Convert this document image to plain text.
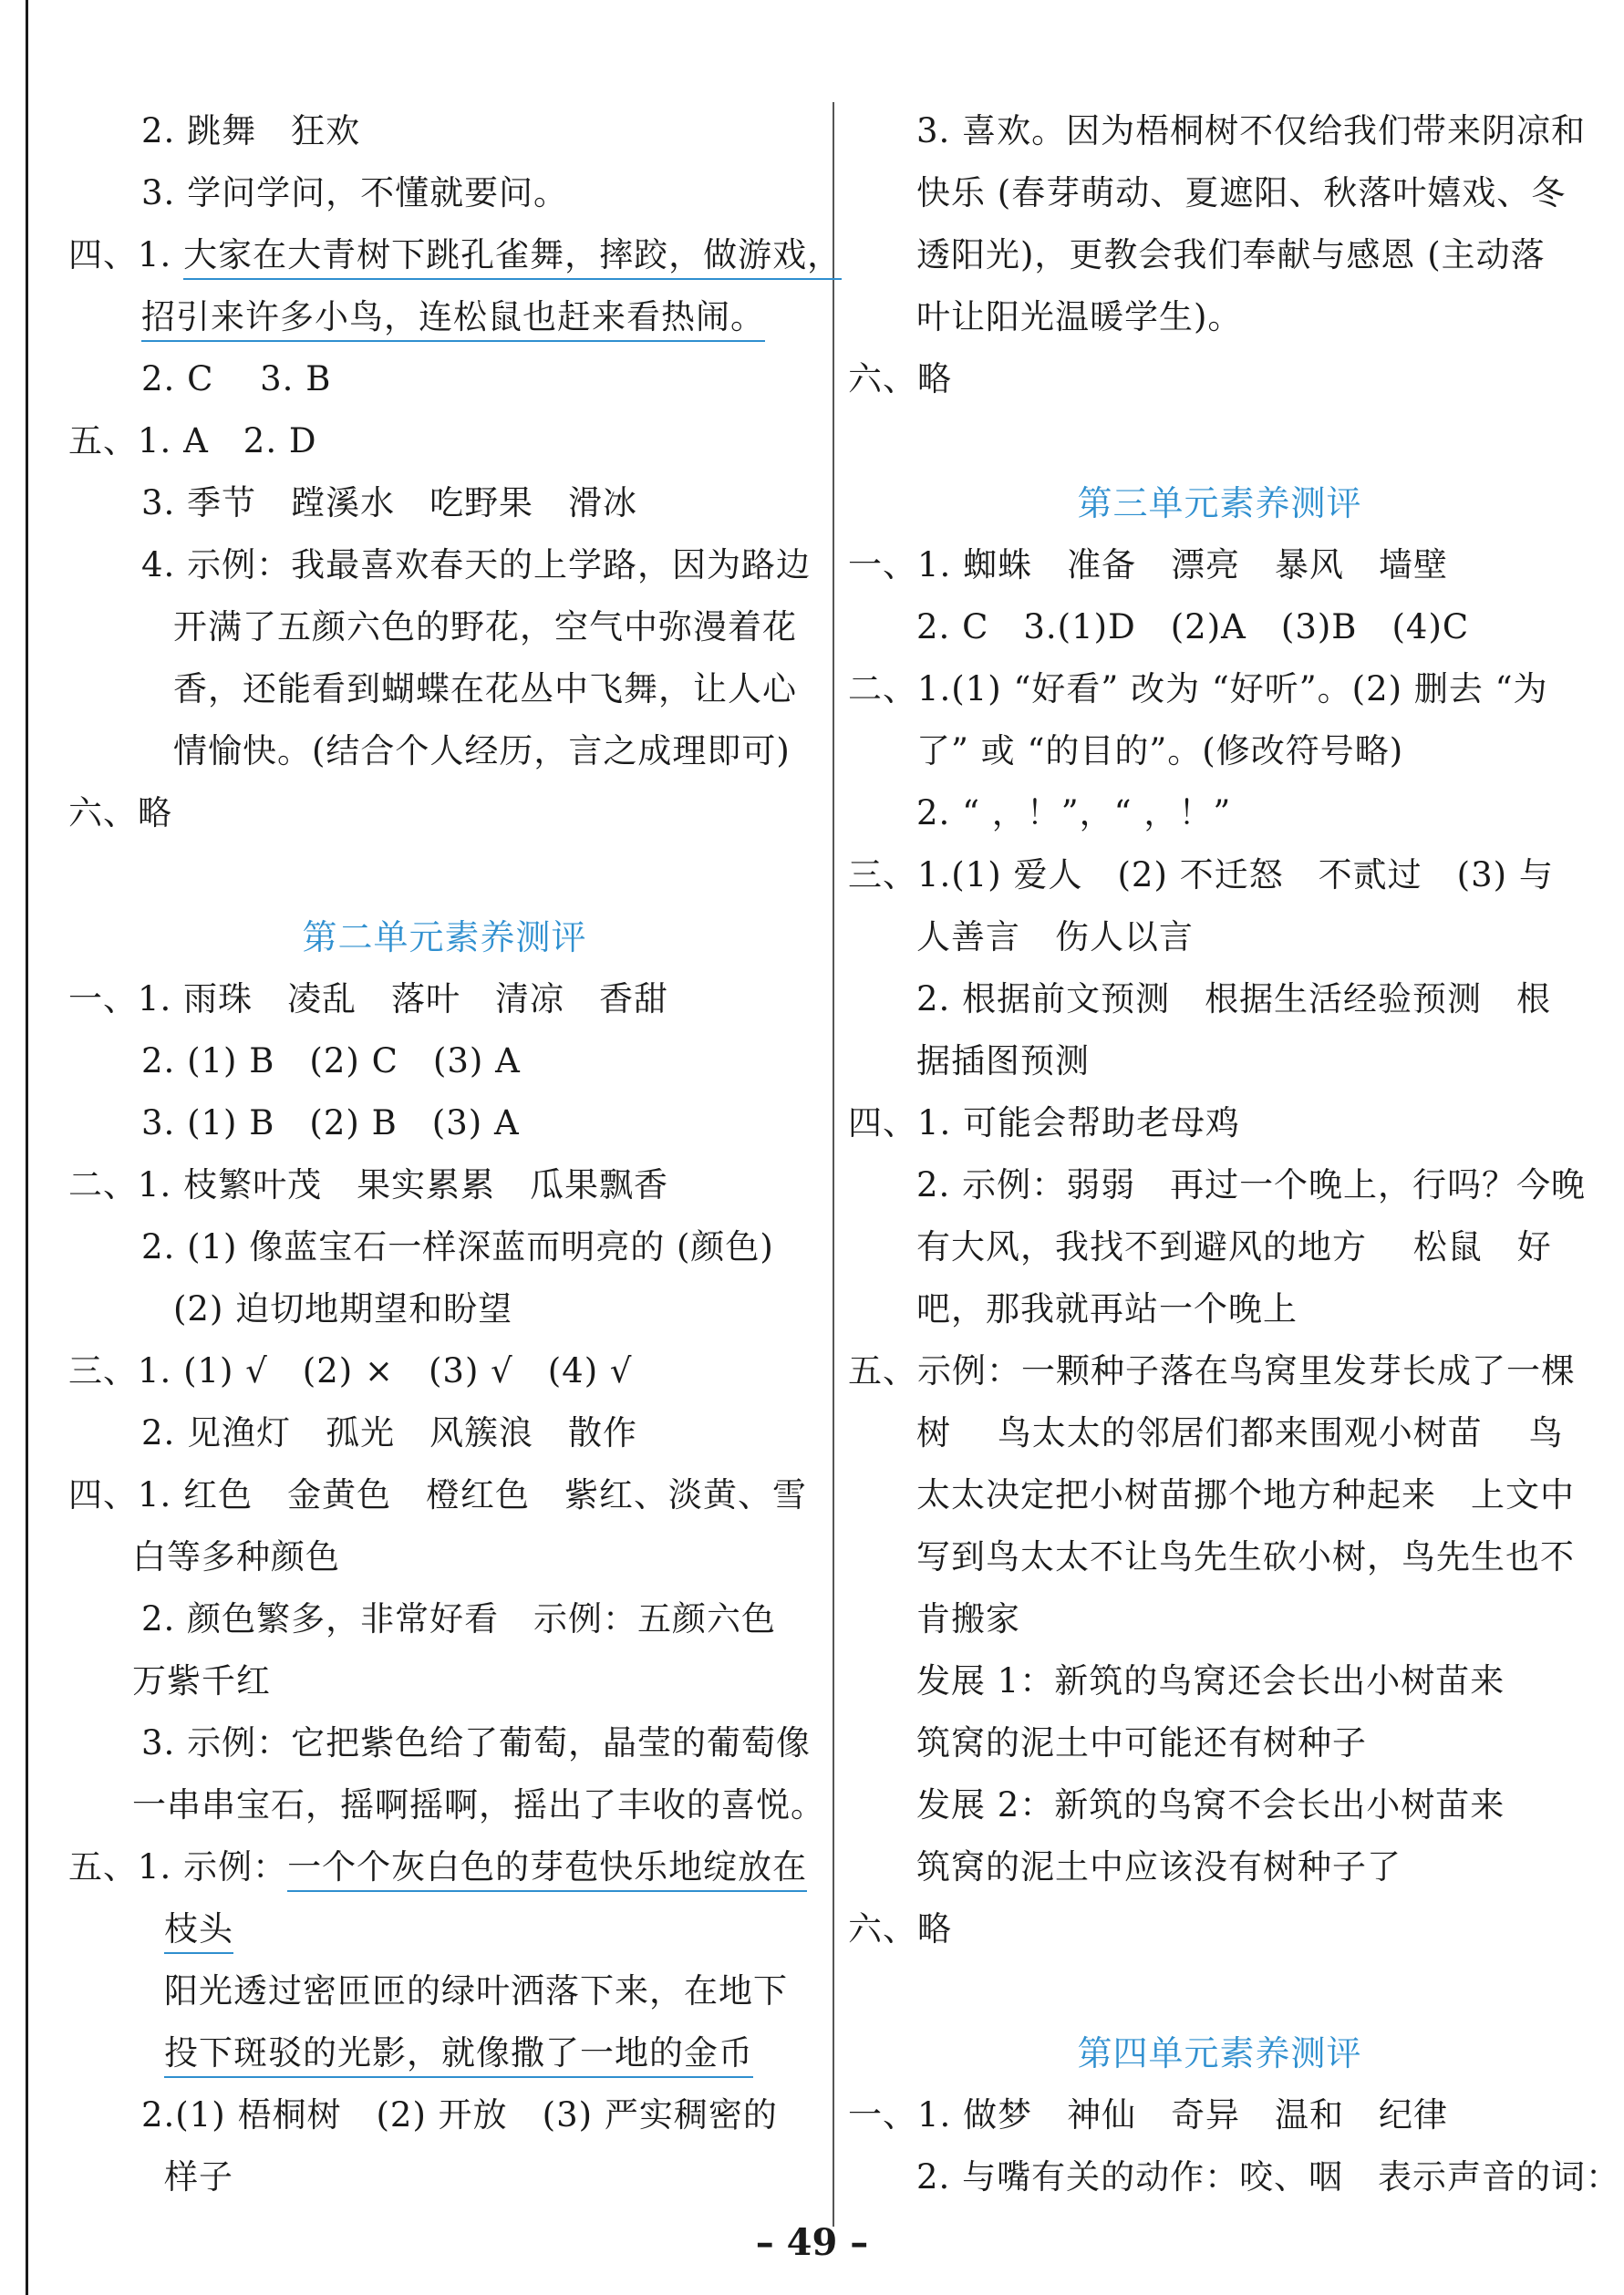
2. 跳舞　狂欢
3. 学问学问，不懂就要问。
四、1. 大家在大青树下跳孔雀舞，摔跤，做游戏，
招引来许多小鸟，连松鼠也赶来看热闹。
2. C　 3. B
五、1. A　2. D
3. 季节　蹚溪水　吃野果　滑冰
4. 示例：我最喜欢春天的上学路，因为路边
开满了五颜六色的野花，空气中弥漫着花
香，还能看到蝴蝶在花丛中飞舞，让人心
情愉快。(结合个人经历，言之成理即可)
六、略
第二单元素养测评
一、1. 雨珠　凌乱　落叶　清凉　香甜
2. (1) B　(2) C　(3) A
3. (1) B　(2) B　(3) A
二、1. 枝繁叶茂　果实累累　瓜果飘香
2. (1) 像蓝宝石一样深蓝而明亮的 (颜色)
(2) 迫切地期望和盼望
三、1. (1) √　(2) ×　(3) √　(4) √
2. 见渔灯　孤光　风簇浪　散作
四、1. 红色　金黄色　橙红色　紫红、淡黄、雪
白等多种颜色
2. 颜色繁多，非常好看　示例：五颜六色
万紫千红
3. 示例：它把紫色给了葡萄，晶莹的葡萄像
一串串宝石，摇啊摇啊，摇出了丰收的喜悦。
五、1. 示例：一个个灰白色的芽苞快乐地绽放在
枝头
阳光透过密匝匝的绿叶洒落下来，在地下
投下斑驳的光影，就像撒了一地的金币
2.(1) 梧桐树　(2) 开放　(3) 严实稠密的
样子
3. 喜欢。因为梧桐树不仅给我们带来阴凉和
快乐 (春芽萌动、夏遮阳、秋落叶嬉戏、冬
透阳光)，更教会我们奉献与感恩 (主动落
叶让阳光温暖学生)。
六、略
第三单元素养测评
一、1. 蜘蛛　准备　漂亮　暴风　墙壁
2. C　3.(1)D　(2)A　(3)B　(4)C
二、1.(1) “好看” 改为 “好听”。(2) 删去 “为
了” 或 “的目的”。(修改符号略)
2. “ ，！”，“ ，！”
三、1.(1) 爱人　(2) 不迁怒　不贰过　(3) 与
人善言　伤人以言
2. 根据前文预测　根据生活经验预测　根
据插图预测
四、1. 可能会帮助老母鸡
2. 示例：弱弱　再过一个晚上，行吗？今晚
有大风，我找不到避风的地方　 松鼠　好
吧，那我就再站一个晚上
五、示例：一颗种子落在鸟窝里发芽长成了一棵
树　 鸟太太的邻居们都来围观小树苗　 鸟
太太决定把小树苗挪个地方种起来　上文中
写到鸟太太不让鸟先生砍小树，鸟先生也不
肯搬家
发展 1：新筑的鸟窝还会长出小树苗来
筑窝的泥土中可能还有树种子
发展 2：新筑的鸟窝不会长出小树苗来
筑窝的泥土中应该没有树种子了
六、略
第四单元素养测评
一、1. 做梦　神仙　奇异　温和　纪律
2. 与嘴有关的动作：咬、咽　表示声音的词：
– 49 –
